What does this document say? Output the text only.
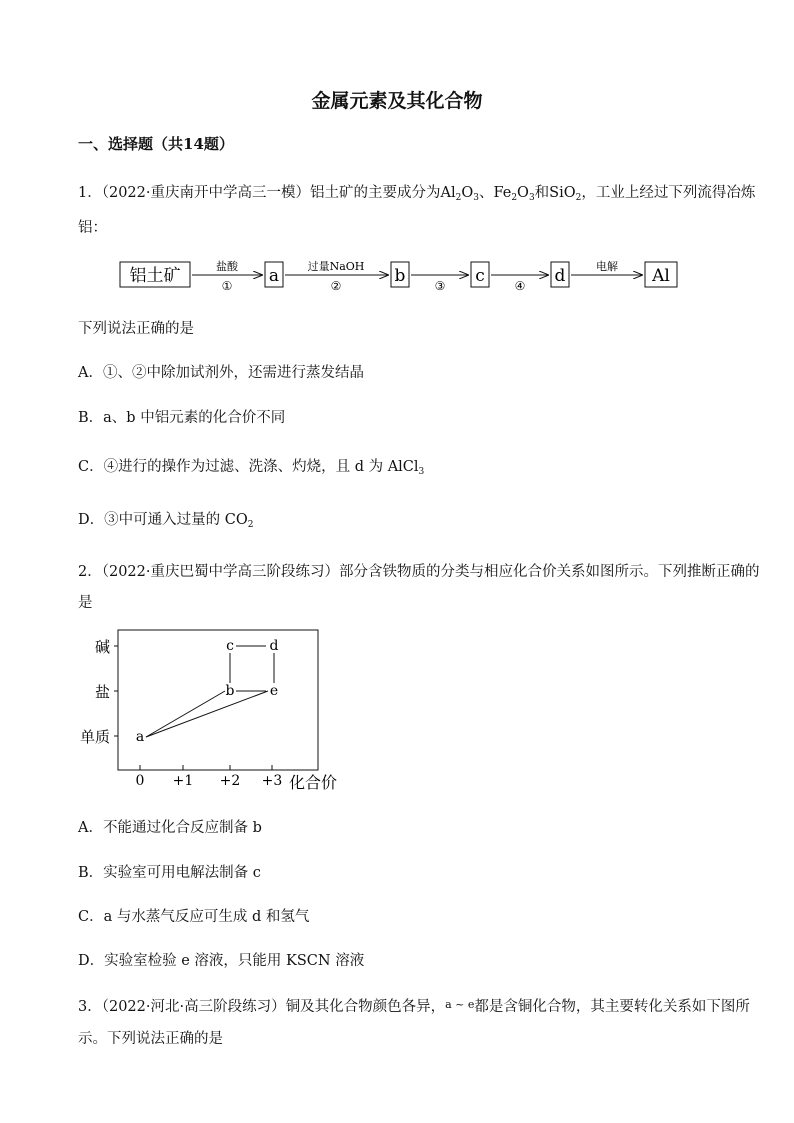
金属元素及其化合物
一、选择题（共14题）
1．（2022·重庆南开中学高三一模）铝土矿的主要成分为$Al_2O_3$、$Fe_2O_3$和SiO$_2$，工业上经过下列流得冶炼
铝：
铝土矿	盐酸
① a	过量NaOH
②	b ③ c ④ d	电解 Al
下列说法正确的是
A．①、②中除加试剂外，还需进行蒸发结晶
B．a、b 中铝元素的化合价不同
C．④进行的操作为过滤、洗涤、灼烧，且 d 为 AlCl$_3$
D．③中可通入过量的 $CO_2$
2．（2022·重庆巴蜀中学高三阶段练习）部分含铁物质的分类与相应化合价关系如图所示。下列推断正确的
是
碱
盐
单质
0 +1 +2 +3 化合价
a
b
c	d
e
A．不能通过化合反应制备 b
B．实验室可用电解法制备 c
C．a 与水蒸气反应可生成 d 和氢气
D．实验室检验 e 溶液，只能用 KSCN 溶液
3．（2022·河北·高三阶段练习）铜及其化合物颜色各异，$^{a \sim e}$都是含铜化合物，其主要转化关系如下图所
示。下列说法正确的是
